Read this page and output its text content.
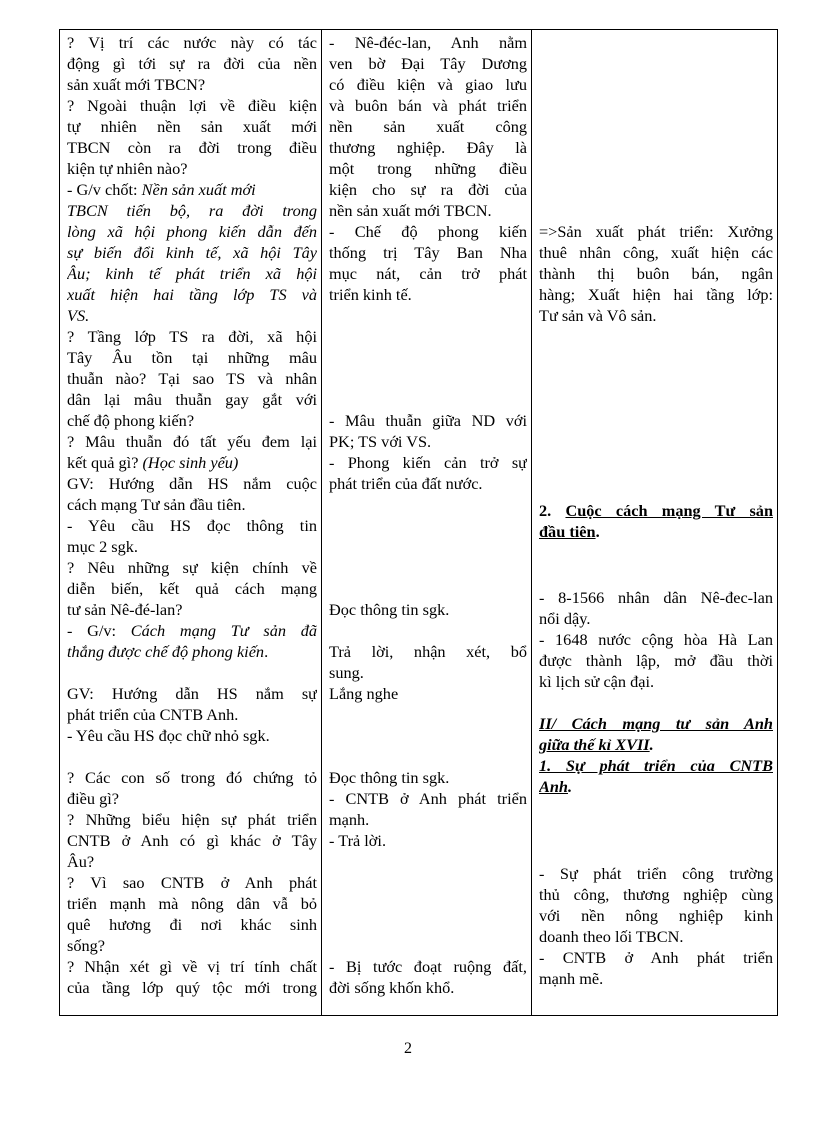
? Vị trí các nước này có tác
động gì tới sự ra đời của nền
sản xuất mới TBCN?
? Ngoài thuận lợi về điều kiện
tự nhiên nền sản xuất mới
TBCN còn ra đời trong điều
kiện tự nhiên nào?
- G/v chốt: Nền sản xuất mới
TBCN tiến bộ, ra đời trong
lòng xã hội phong kiến dẫn đến
sự biến đổi kinh tế, xã hội Tây
Âu; kinh tế phát triển xã hội
xuất hiện hai tầng lớp TS và
VS.
? Tầng lớp TS ra đời, xã hội
Tây Âu tồn tại những mâu
thuẫn nào? Tại sao TS và nhân
dân lại mâu thuẫn gay gắt với
chế độ phong kiến?
? Mâu thuẫn đó tất yếu đem lại
kết quả gì? (Học sinh yếu)
GV: Hướng dẫn HS nắm cuộc
cách mạng Tư sản đầu tiên.
- Yêu cầu HS đọc thông tin
mục 2 sgk.
? Nêu những sự kiện chính về
diễn biến, kết quả cách mạng
tư sản Nê-đé-lan?
- G/v: Cách mạng Tư sản đã
thắng được chế độ phong kiến.
GV: Hướng dẫn HS nắm sự
phát triển của CNTB Anh.
- Yêu cầu HS đọc chữ nhỏ sgk.
? Các con số trong đó chứng tỏ
điều gì?
? Những biểu hiện sự phát triển
CNTB ở Anh có gì khác ở Tây
Âu?
? Vì sao CNTB ở Anh phát
triển mạnh mà nông dân vẫ bỏ
quê hương đi nơi khác sinh
sống?
? Nhận xét gì về vị trí tính chất
của tầng lớp quý tộc mới trong
- Nê-đéc-lan, Anh nằm
ven bờ Đại Tây Dương
có điều kiện và giao lưu
và buôn bán và phát triển
nền sản xuất công
thương nghiệp. Đây là
một trong những điều
kiện cho sự ra đời của
nền sản xuất mới TBCN.
- Chế độ phong kiến
thống trị Tây Ban Nha
mục nát, cản trở phát
triển kinh tế.
- Mâu thuẫn giữa ND với
PK; TS với VS.
- Phong kiến cản trở sự
phát triển của đất nước.
Đọc thông tin sgk.
Trả lời, nhận xét, bổ
sung.
Lắng nghe
Đọc thông tin sgk.
- CNTB ở Anh phát triển
mạnh.
- Trả lời.
- Bị tước đoạt ruộng đất,
đời sống khốn khổ.
=>Sản xuất phát triển: Xưởng
thuê nhân công, xuất hiện các
thành thị buôn bán, ngân
hàng; Xuất hiện hai tầng lớp:
Tư sản và Vô sản.
2. Cuộc cách mạng Tư sản
đầu tiên.
- 8-1566 nhân dân Nê-đec-lan
nổi dậy.
- 1648 nước cộng hòa Hà Lan
được thành lập, mở đầu thời
kì lịch sử cận đại.
II/ Cách mạng tư sản Anh
giữa thế kỉ XVII.
1. Sự phát triển của CNTB
Anh.
- Sự phát triển công trường
thủ công, thương nghiệp cùng
với nền nông nghiệp kinh
doanh theo lối TBCN.
- CNTB ở Anh phát triển
mạnh mẽ.
2
